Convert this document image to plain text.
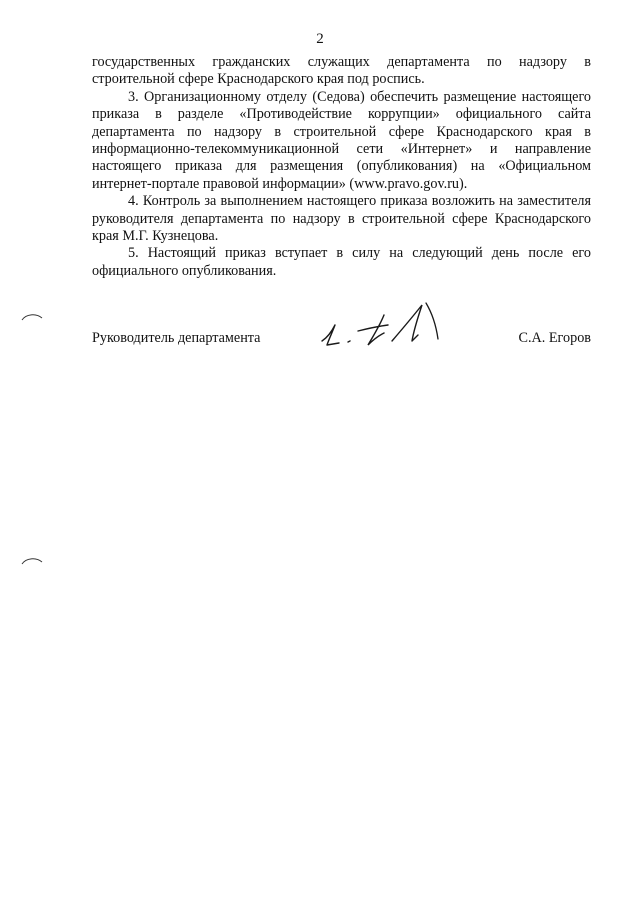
2

государственных гражданских служащих департамента по надзору в строительной сфере Краснодарского края под роспись.

3. Организационному отделу (Седова) обеспечить размещение настоящего приказа в разделе «Противодействие коррупции» официального сайта департамента по надзору в строительной сфере Краснодарского края в информационно-телекоммуникационной сети «Интернет» и направление настоящего приказа для размещения (опубликования) на «Официальном интернет-портале правовой информации» (www.pravo.gov.ru).

4. Контроль за выполнением настоящего приказа возложить на заместителя руководителя департамента по надзору в строительной сфере Краснодарского края М.Г. Кузнецова.

5. Настоящий приказ вступает в силу на следующий день после его официального опубликования.

Руководитель департамента	С.А. Егоров
